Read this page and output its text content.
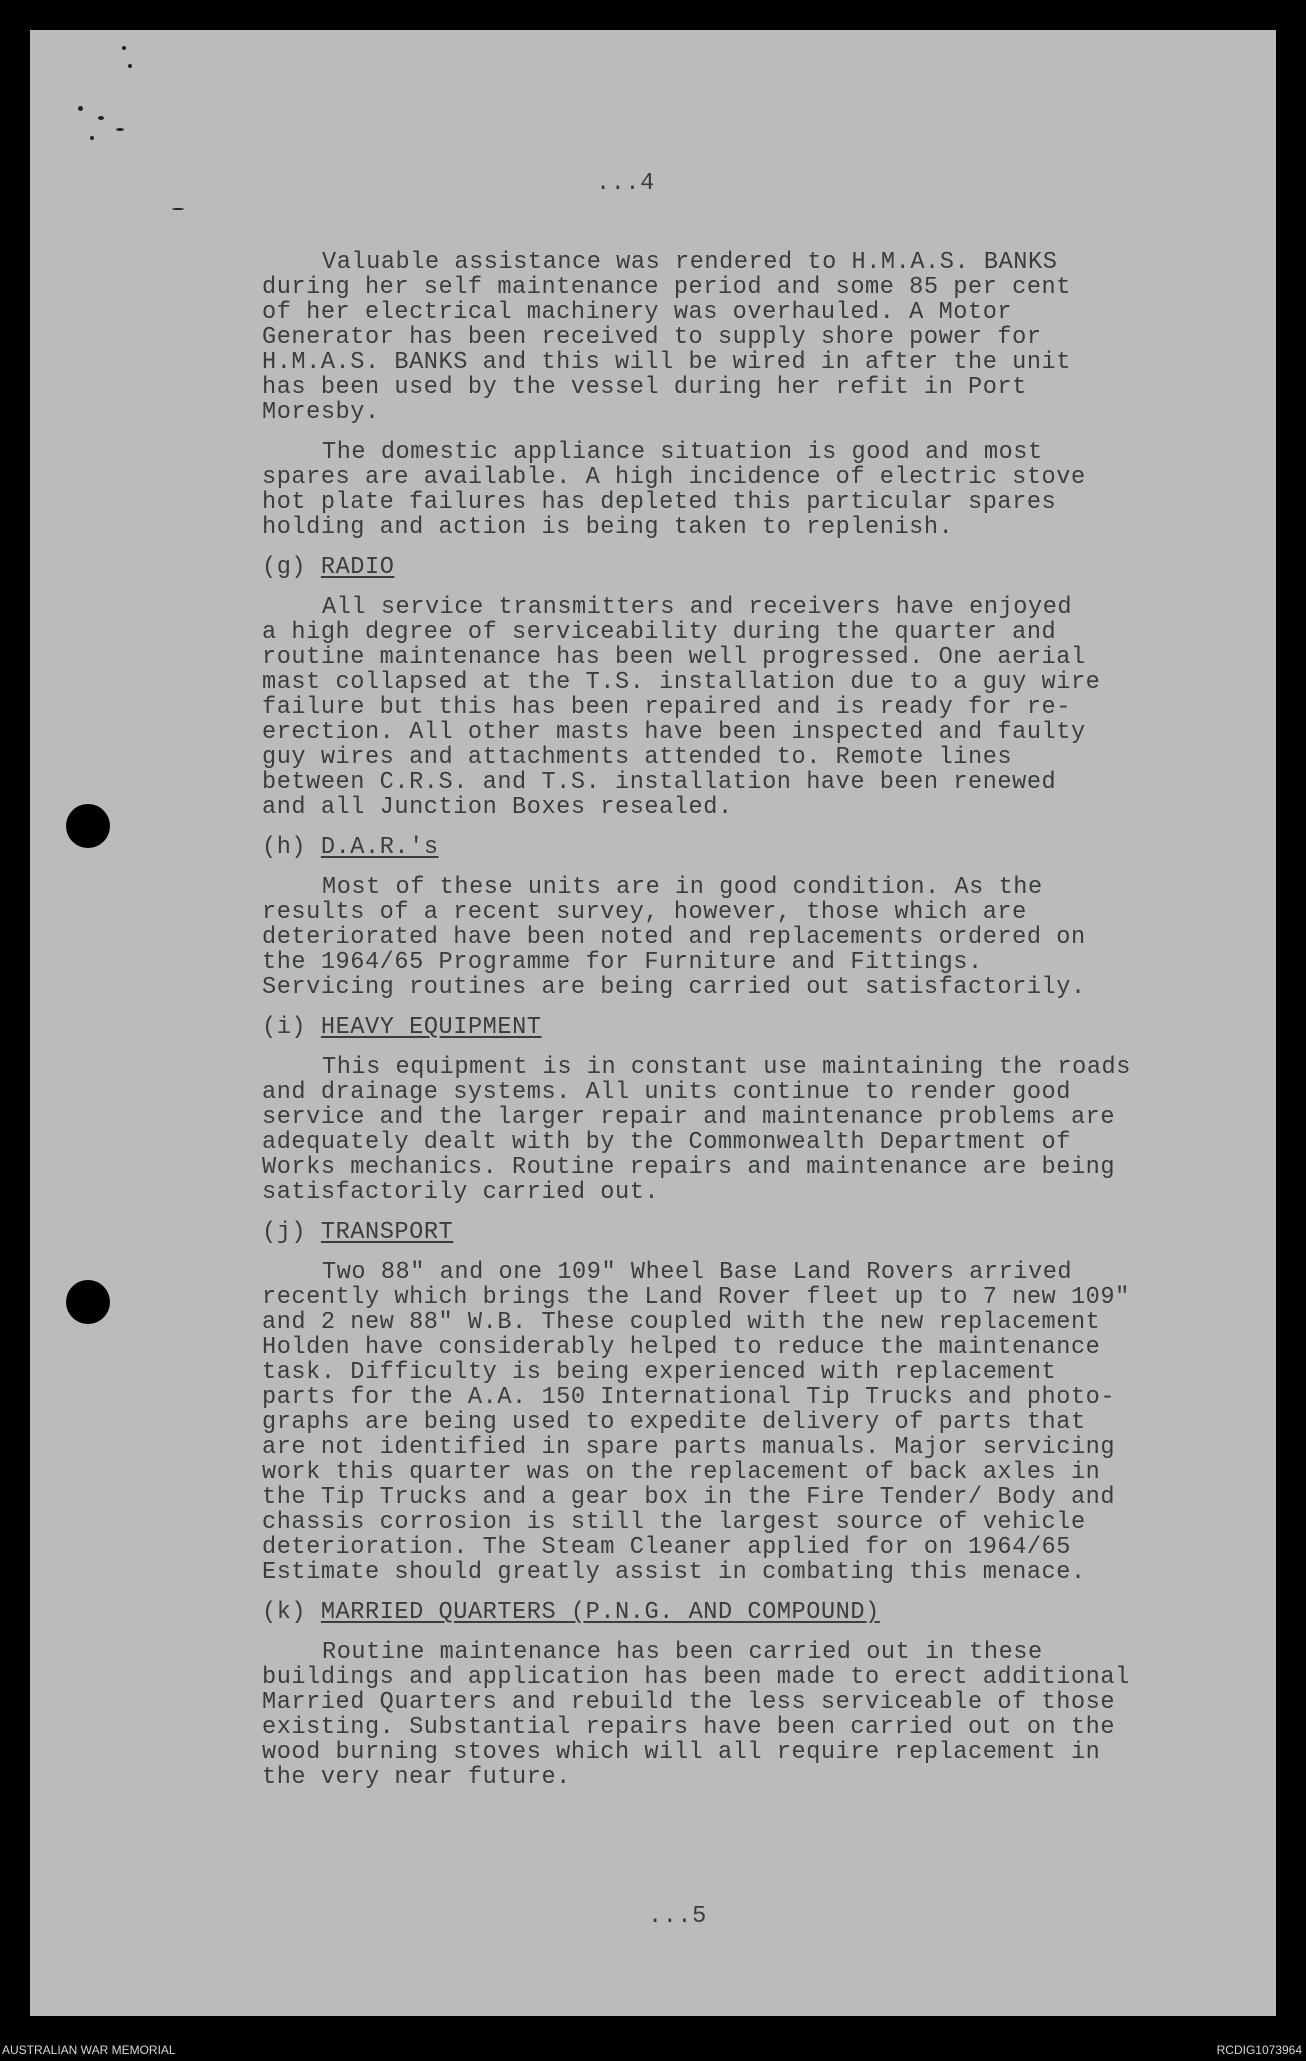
...4

Valuable assistance was rendered to H.M.A.S. BANKS
during her self maintenance period and some 85 per cent
of her electrical machinery was overhauled. A Motor
Generator has been received to supply shore power for
H.M.A.S. BANKS and this will be wired in after the unit
has been used by the vessel during her refit in Port
Moresby.

The domestic appliance situation is good and most
spares are available. A high incidence of electric stove
hot plate failures has depleted this particular spares
holding and action is being taken to replenish.

(g) RADIO

All service transmitters and receivers have enjoyed
a high degree of serviceability during the quarter and
routine maintenance has been well progressed. One aerial
mast collapsed at the T.S. installation due to a guy wire
failure but this has been repaired and is ready for re-
erection. All other masts have been inspected and faulty
guy wires and attachments attended to. Remote lines
between C.R.S. and T.S. installation have been renewed
and all Junction Boxes resealed.

(h) D.A.R.'s

Most of these units are in good condition. As the
results of a recent survey, however, those which are
deteriorated have been noted and replacements ordered on
the 1964/65 Programme for Furniture and Fittings.
Servicing routines are being carried out satisfactorily.

(i) HEAVY EQUIPMENT

This equipment is in constant use maintaining the roads
and drainage systems. All units continue to render good
service and the larger repair and maintenance problems are
adequately dealt with by the Commonwealth Department of
Works mechanics. Routine repairs and maintenance are being
satisfactorily carried out.

(j) TRANSPORT

Two 88" and one 109" Wheel Base Land Rovers arrived
recently which brings the Land Rover fleet up to 7 new 109"
and 2 new 88" W.B. These coupled with the new replacement
Holden have considerably helped to reduce the maintenance
task. Difficulty is being experienced with replacement
parts for the A.A. 150 International Tip Trucks and photo-
graphs are being used to expedite delivery of parts that
are not identified in spare parts manuals. Major servicing
work this quarter was on the replacement of back axles in
the Tip Trucks and a gear box in the Fire Tender/ Body and
chassis corrosion is still the largest source of vehicle
deterioration. The Steam Cleaner applied for on 1964/65
Estimate should greatly assist in combating this menace.

(k) MARRIED QUARTERS (P.N.G. AND COMPOUND)

Routine maintenance has been carried out in these
buildings and application has been made to erect additional
Married Quarters and rebuild the less serviceable of those
existing. Substantial repairs have been carried out on the
wood burning stoves which will all require replacement in
the very near future.

...5
AUSTRALIAN WAR MEMORIAL	RCDIG1073964
